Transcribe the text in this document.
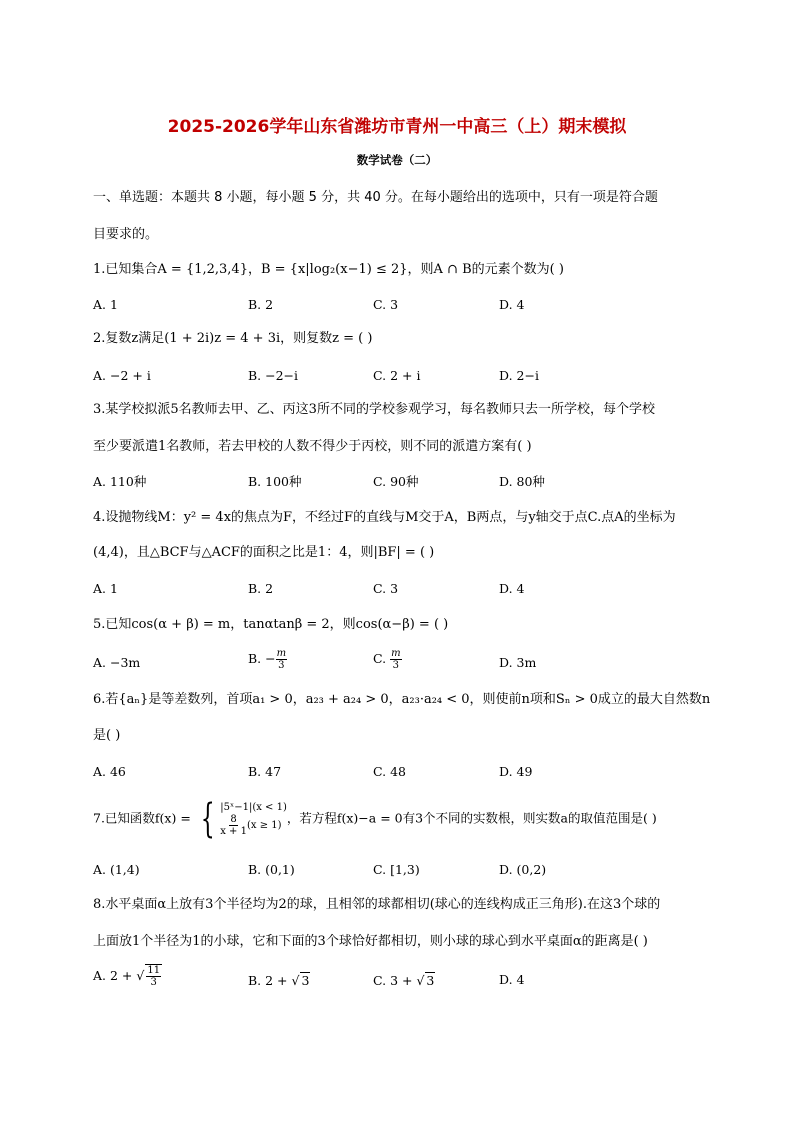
2025-2026学年山东省潍坊市青州一中高三（上）期末模拟
数学试卷（二）
一、单选题：本题共 8 小题，每小题 5 分，共 40 分。在每小题给出的选项中，只有一项是符合题
目要求的。
1.已知集合A = {1,2,3,4}，B = {x|log₂(x−1) ≤ 2}，则A ∩ B的元素个数为( )
A. 1	B. 2	C. 3	D. 4
2.复数z满足(1 + 2i)z = 4 + 3i，则复数z = ( )
A. −2 + i	B. −2−i	C. 2 + i	D. 2−i
3.某学校拟派5名教师去甲、乙、丙这3所不同的学校参观学习，每名教师只去一所学校，每个学校
至少要派遣1名教师，若去甲校的人数不得少于丙校，则不同的派遣方案有( )
A. 110种	B. 100种	C. 90种	D. 80种
4.设抛物线M：y² = 4x的焦点为F，不经过F的直线与M交于A，B两点，与y轴交于点C.点A的坐标为
(4,4)，且△BCF与△ACF的面积之比是1：4，则|BF| = ( )
A. 1	B. 2	C. 3	D. 4
5.已知cos(α + β) = m，tanαtanβ = 2，则cos(α−β) = ( )
A. −3m	B. − $\frac{m}{3}$	C. $\frac{m}{3}$	D. 3m
6.若{aₙ}是等差数列，首项a₁ > 0，a₂₃ + a₂₄ > 0，a₂₃·a₂₄ < 0，则使前n项和Sₙ > 0成立的最大自然数n
是( )
A. 46	B. 47	C. 48	D. 49
7.已知函数f(x) = { |5ˣ−1|(x < 1)
$\frac{8}{x + 1} (x \ge 1)$ ，若方程f(x)−a = 0有3个不同的实数根，则实数a的取值范围是( )
A. (1,4)	B. (0,1)	C. [1,3)	D. (0,2)
8.水平桌面α上放有3个半径均为2的球，且相邻的球都相切(球心的连线构成正三角形).在这3个球的
上面放1个半径为1的小球，它和下面的3个球恰好都相切，则小球的球心到水平桌面α的距离是( )
A. 2 + √ $\frac{11}{3}$	B. 2 + √ 3	C. 3 + √ 3	D. 4
